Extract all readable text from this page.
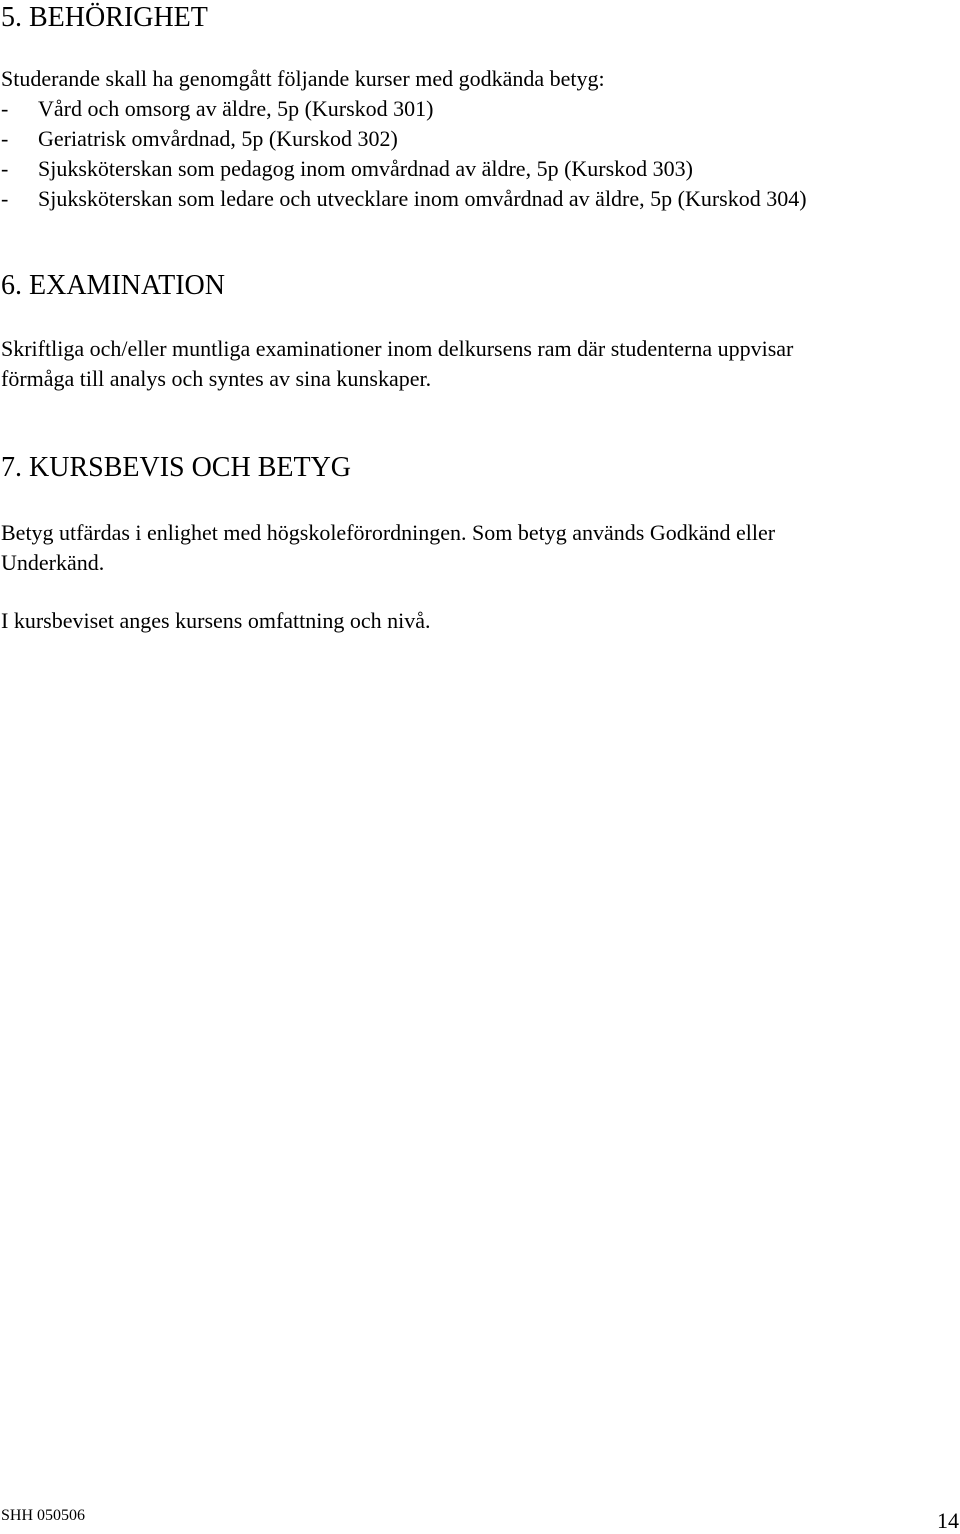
5. BEHÖRIGHET

Studerande skall ha genomgått följande kurser med godkända betyg:

- Vård och omsorg av äldre, 5p (Kurskod 301)

- Geriatrisk omvårdnad, 5p (Kurskod 302)

- Sjuksköterskan som pedagog inom omvårdnad av äldre, 5p (Kurskod 303)

- Sjuksköterskan som ledare och utvecklare inom omvårdnad av äldre, 5p (Kurskod 304)

6. EXAMINATION

Skriftliga och/eller muntliga examinationer inom delkursens ram där studenterna uppvisar

förmåga till analys och syntes av sina kunskaper.

7. KURSBEVIS OCH BETYG

Betyg utfärdas i enlighet med högskoleförordningen. Som betyg används Godkänd eller

Underkänd.

I kursbeviset anges kursens omfattning och nivå.

SHH 050506	14
